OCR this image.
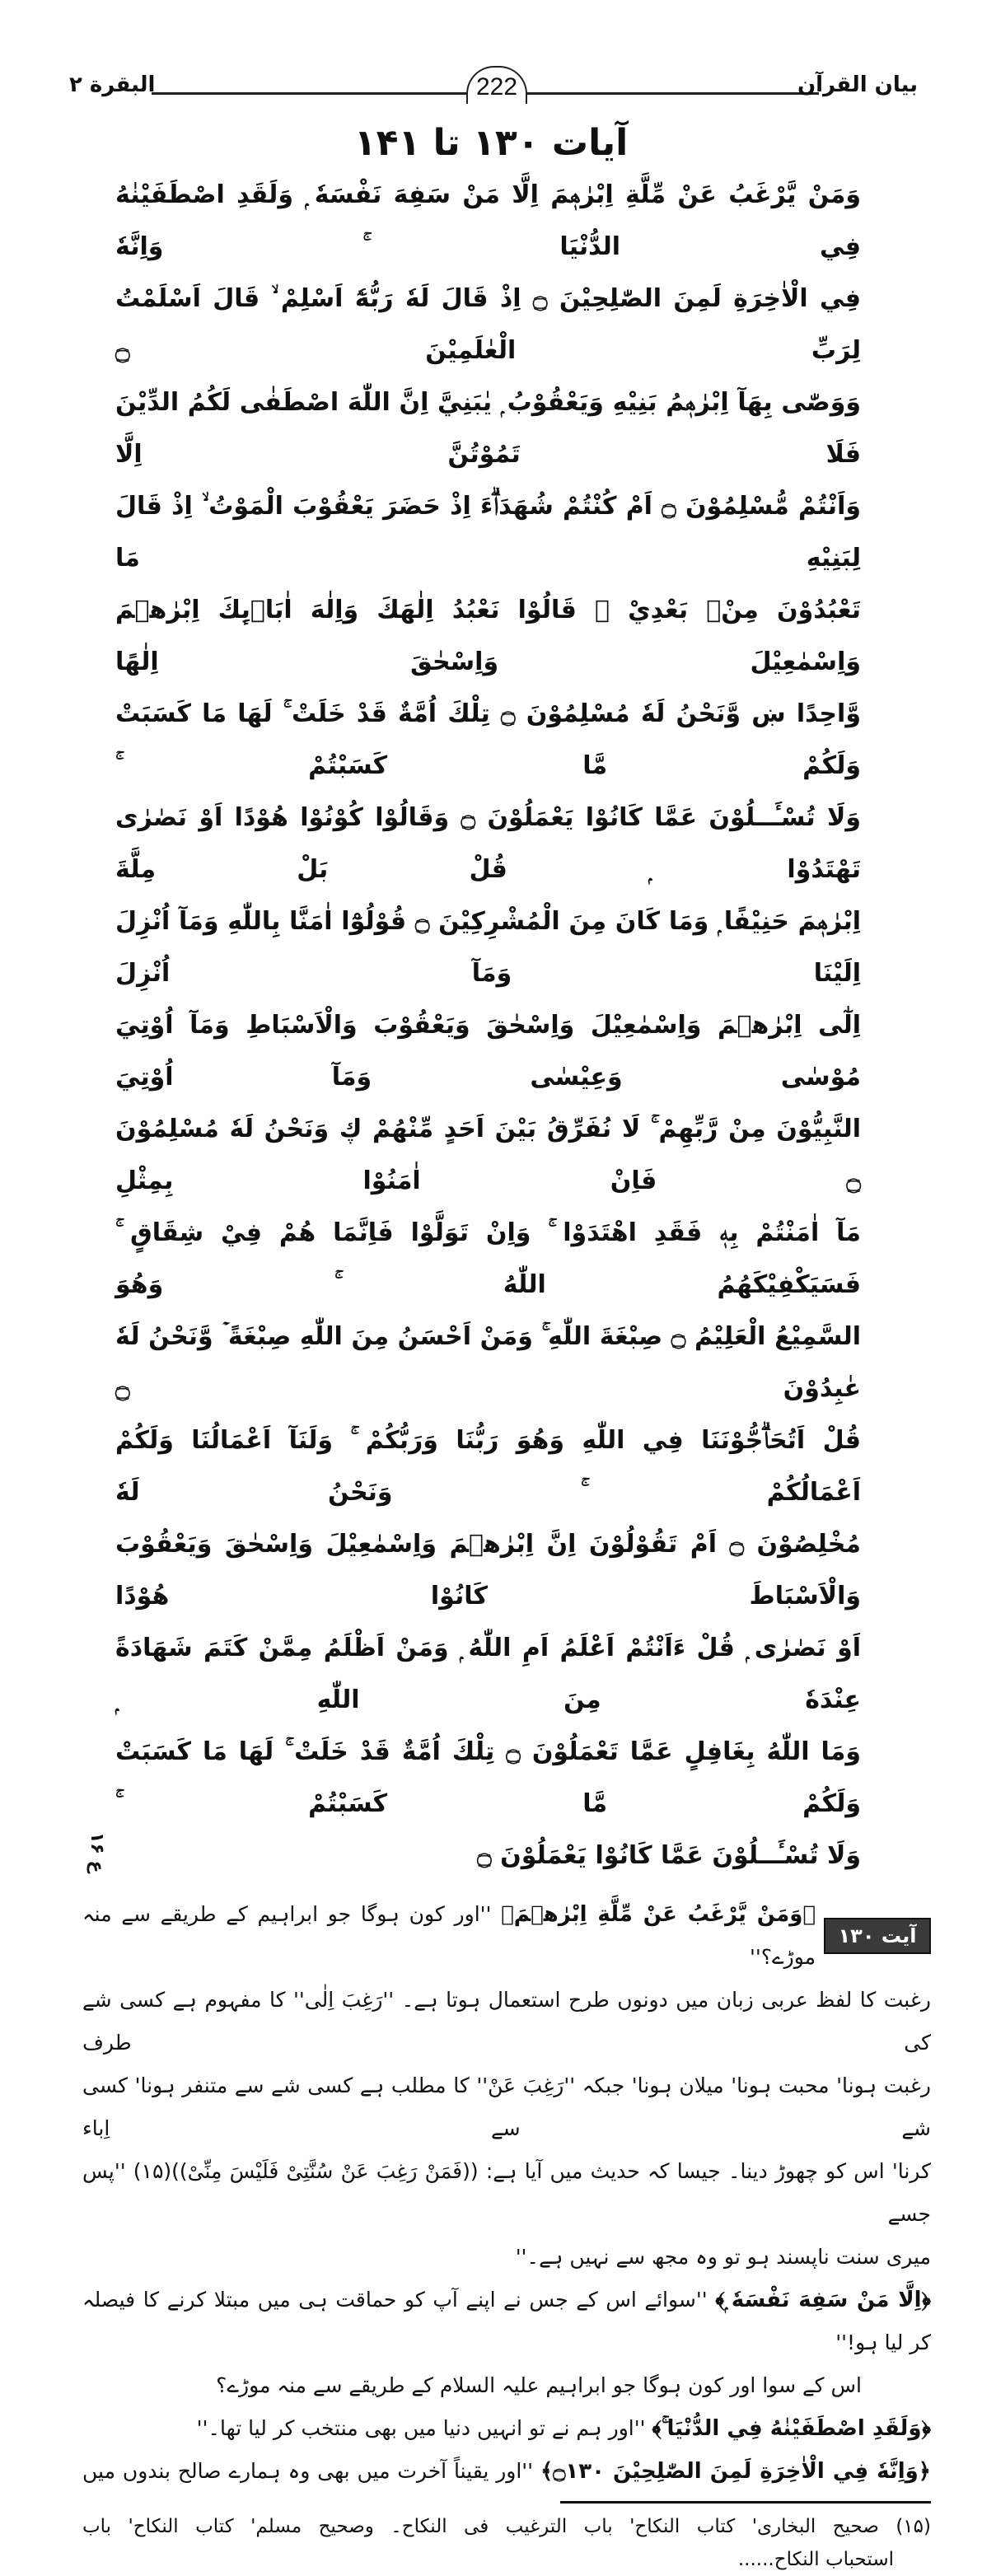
بیان القرآن
البقرة ۲	222
آیات ۱۳۰ تا ۱۴۱
وَمَنْ يَّرْغَبُ عَنْ مِّلَّةِ اِبْرٰهٖمَ اِلَّا مَنْ سَفِهَ نَفْسَهٗ ۭ وَلَقَدِ اصْطَفَيْنٰهُ فِي الدُّنْيَا ۚ وَاِنَّهٗ
فِي الْاٰخِرَةِ لَمِنَ الصّٰلِحِيْنَ ۝ اِذْ قَالَ لَهٗ رَبُّهٗٓ اَسْلِمْ ۙ قَالَ اَسْلَمْتُ لِرَبِّ الْعٰلَمِيْنَ ۝
وَوَصّٰى بِهَآ اِبْرٰهٖمُ بَنِيْهِ وَيَعْقُوْبُ ۭ يٰبَنِيَّ اِنَّ اللّٰهَ اصْطَفٰى لَكُمُ الدِّيْنَ فَلَا تَمُوْتُنَّ اِلَّا
وَاَنْتُمْ مُّسْلِمُوْنَ ۝ اَمْ كُنْتُمْ شُهَدَاۗءَ اِذْ حَضَرَ يَعْقُوْبَ الْمَوْتُ ۙ اِذْ قَالَ لِبَنِيْهِ مَا
تَعْبُدُوْنَ مِنْۢ بَعْدِيْ ۭ قَالُوْا نَعْبُدُ اِلٰهَكَ وَاِلٰهَ اٰبَاۗىِٕكَ اِبْرٰهٖمَ وَاِسْمٰعِيْلَ وَاِسْحٰقَ اِلٰهًا
وَّاحِدًا ښ وَّنَحْنُ لَهٗ مُسْلِمُوْنَ ۝ تِلْكَ اُمَّةٌ قَدْ خَلَتْ ۚ لَهَا مَا كَسَبَتْ وَلَكُمْ مَّا كَسَبْتُمْ ۚ
وَلَا تُسْـَٔــلُوْنَ عَمَّا كَانُوْا يَعْمَلُوْنَ ۝ وَقَالُوْا كُوْنُوْا هُوْدًا اَوْ نَصٰرٰى تَهْتَدُوْا ۭ قُلْ بَلْ مِلَّةَ
اِبْرٰهٖمَ حَنِيْفًا ۭ وَمَا كَانَ مِنَ الْمُشْرِكِيْنَ ۝ قُوْلُوْٓا اٰمَنَّا بِاللّٰهِ وَمَآ اُنْزِلَ اِلَيْنَا وَمَآ اُنْزِلَ
اِلٰٓى اِبْرٰهٖمَ وَاِسْمٰعِيْلَ وَاِسْحٰقَ وَيَعْقُوْبَ وَالْاَسْبَاطِ وَمَآ اُوْتِيَ مُوْسٰى وَعِيْسٰى وَمَآ اُوْتِيَ
النَّبِيُّوْنَ مِنْ رَّبِّهِمْ ۚ لَا نُفَرِّقُ بَيْنَ اَحَدٍ مِّنْهُمْ ڮ وَنَحْنُ لَهٗ مُسْلِمُوْنَ ۝ فَاِنْ اٰمَنُوْا بِمِثْلِ
مَآ اٰمَنْتُمْ بِهٖ فَقَدِ اهْتَدَوْا ۚ وَاِنْ تَوَلَّوْا فَاِنَّمَا هُمْ فِيْ شِقَاقٍ ۚ فَسَيَكْفِيْكَهُمُ اللّٰهُ ۚ وَهُوَ
السَّمِيْعُ الْعَلِيْمُ ۝ صِبْغَةَ اللّٰهِ ۚ وَمَنْ اَحْسَنُ مِنَ اللّٰهِ صِبْغَةً ۡ وَّنَحْنُ لَهٗ عٰبِدُوْنَ ۝
قُلْ اَتُحَاۗجُّوْنَنَا فِي اللّٰهِ وَهُوَ رَبُّنَا وَرَبُّكُمْ ۚ وَلَنَآ اَعْمَالُنَا وَلَكُمْ اَعْمَالُكُمْ ۚ وَنَحْنُ لَهٗ
مُخْلِصُوْنَ ۝ اَمْ تَقُوْلُوْنَ اِنَّ اِبْرٰهٖمَ وَاِسْمٰعِيْلَ وَاِسْحٰقَ وَيَعْقُوْبَ وَالْاَسْبَاطَ كَانُوْا هُوْدًا
اَوْ نَصٰرٰى ۭ قُلْ ءَاَنْتُمْ اَعْلَمُ اَمِ اللّٰهُ ۭ وَمَنْ اَظْلَمُ مِمَّنْ كَتَمَ شَهَادَةً عِنْدَهٗ مِنَ اللّٰهِ ۭ
وَمَا اللّٰهُ بِغَافِلٍ عَمَّا تَعْمَلُوْنَ ۝ تِلْكَ اُمَّةٌ قَدْ خَلَتْ ۚ لَهَا مَا كَسَبَتْ وَلَكُمْ مَّا كَسَبْتُمْ ۚ
وَلَا تُسْـَٔــلُوْنَ عَمَّا كَانُوْا يَعْمَلُوْنَ ۝
ع ۱۶
آیت ۱۳۰
﴿وَمَنْ يَّرْغَبُ عَنْ مِّلَّةِ اِبْرٰهٖمَ﴾ ''اور کون ہوگا جو ابراہیم کے طریقے سے منہ موڑے؟''
رغبت کا لفظ عربی زبان میں دونوں طرح استعمال ہوتا ہے۔ ''رَغِبَ اِلٰی'' کا مفہوم ہے کسی شے کی طرف
رغبت ہونا' محبت ہونا' میلان ہونا' جبکہ ''رَغِبَ عَنْ'' کا مطلب ہے کسی شے سے متنفر ہونا' کسی شے سے اِباء
کرنا' اس کو چھوڑ دینا۔ جیسا کہ حدیث میں آیا ہے: ((فَمَنْ رَغِبَ عَنْ سُنَّتِیْ فَلَیْسَ مِنِّیْ))(۱۵) ''پس جسے
میری سنت ناپسند ہو تو وہ مجھ سے نہیں ہے۔''
﴿اِلَّا مَنْ سَفِهَ نَفْسَهٗ ۭ﴾ ''سوائے اس کے جس نے اپنے آپ کو حماقت ہی میں مبتلا کرنے کا فیصلہ کر لیا ہو!''
اس کے سوا اور کون ہوگا جو ابراہیم علیہ السلام کے طریقے سے منہ موڑے؟
﴿وَلَقَدِ اصْطَفَيْنٰهُ فِي الدُّنْيَا ۚ﴾ ''اور ہم نے تو انہیں دنیا میں بھی منتخب کر لیا تھا۔''
﴿وَاِنَّهٗ فِي الْاٰخِرَةِ لَمِنَ الصّٰلِحِيْنَ ۝۱۳۰﴾ ''اور یقیناً آخرت میں بھی وہ ہمارے صالح بندوں میں
(۱۵) صحیح البخاری' کتاب النکاح' باب الترغیب فی النکاح۔ وصحیح مسلم' کتاب النکاح' باب
استحباب النکاح......
